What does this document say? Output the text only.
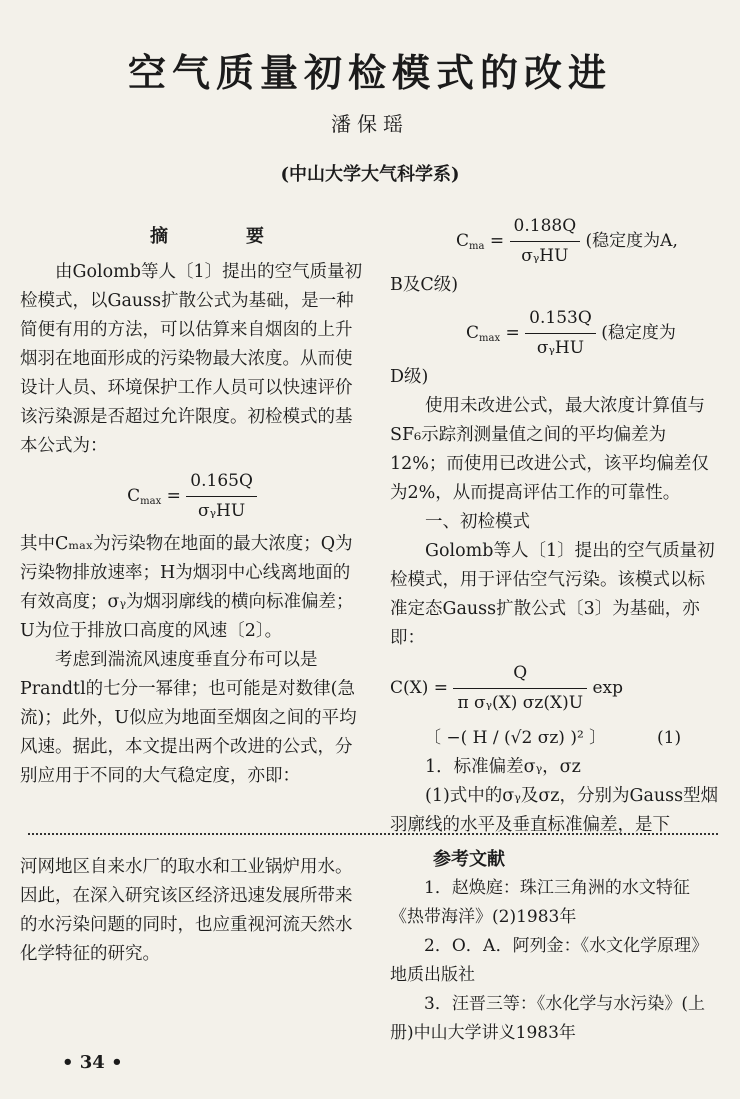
空气质量初检模式的改进
潘保瑶
(中山大学大气科学系)
摘　要

由Golomb等人〔1〕提出的空气质量初检模式，以Gauss扩散公式为基础，是一种简便有用的方法，可以估算来自烟囱的上升烟羽在地面形成的污染物最大浓度。从而使设计人员、环境保护工作人员可以快速评价该污染源是否超过允许限度。初检模式的基本公式为：

$C_{max} = \frac{0.165Q}{\text{σᵧHU}}$

其中Cₘₐₓ为污染物在地面的最大浓度；Q为污染物排放速率；H为烟羽中心线离地面的有效高度；σᵧ为烟羽廓线的横向标准偏差；U为位于排放口高度的风速〔2〕。

考虑到湍流风速度垂直分布可以是Prandtl的七分一幂律；也可能是对数律(急流)；此外，U似应为地面至烟囱之间的平均风速。据此，本文提出两个改进的公式，分别应用于不同的大气稳定度，亦即：

$C_{ma} = \frac{0.188Q}{\text{σᵧHU}}$ (稳定度为A,

B及C级)

$C_{max} = \frac{0.153Q}{\text{σᵧHU}}$ (稳定度为

D级)

使用未改进公式，最大浓度计算值与SF₆示踪剂测量值之间的平均偏差为12%；而使用已改进公式，该平均偏差仅为2%，从而提高评估工作的可靠性。

一、初检模式

Golomb等人〔1〕提出的空气质量初检模式，用于评估空气污染。该模式以标准定态Gauss扩散公式〔3〕为基础，亦即：

$C(X) = \frac{Q}{\text{π σᵧ(X) σz(X)U}}$ exp
〔 −( H / (√2 σz) )² 〕	(1)

1．标准偏差σᵧ，σz

(1)式中的σᵧ及σz，分别为Gauss型烟羽廓线的水平及垂直标准偏差，是下

河网地区自来水厂的取水和工业锅炉用水。因此，在深入研究该区经济迅速发展所带来的水污染问题的同时，也应重视河流天然水化学特征的研究。

参考文献

1．赵焕庭：珠江三角洲的水文特征《热带海洋》(2)1983年

2．О．А．阿列金：《水文化学原理》地质出版社

3．汪晋三等：《水化学与水污染》(上册)中山大学讲义1983年

• 34 •
